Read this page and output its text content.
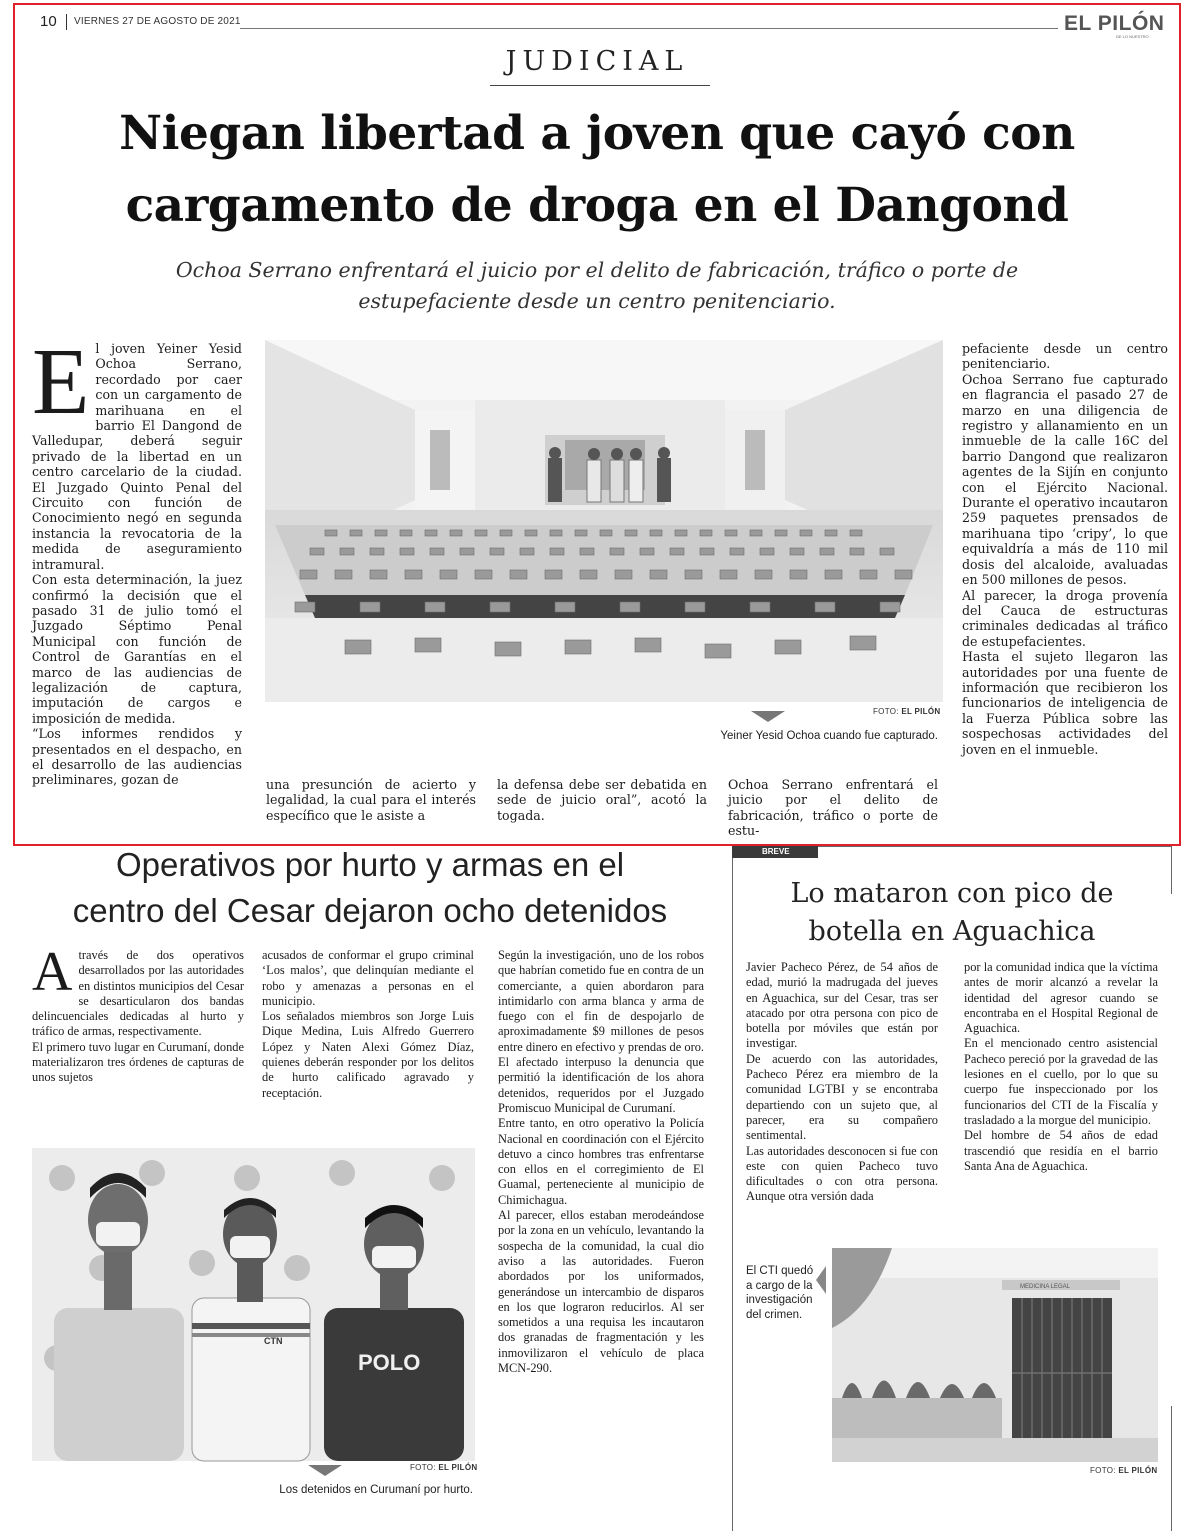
10 VIERNES 27 DE AGOSTO DE 2021	EL PILÓN
DE LO NUESTRO
JUDICIAL
Niegan libertad a joven que cayó con
cargamento de droga en el Dangond
Ochoa Serrano enfrentará el juicio por el delito de fabricación, tráfico o porte de
estupefaciente desde un centro penitenciario.
E l joven Yeiner Yesid Ochoa Serrano, recordado por caer con un cargamento de marihuana en el barrio El Dangond de Valledupar, deberá seguir privado de la libertad en un centro carcelario de la ciudad. El Juzgado Quinto Penal del Circuito con función de Conocimiento negó en segunda instancia la revocatoria de la medida de aseguramiento intramural.

Con esta determinación, la juez confirmó la decisión que el pasado 31 de julio tomó el Juzgado Séptimo Penal Municipal con función de Control de Garantías en el marco de las audiencias de legalización de captura, imputación de cargos e imposición de medida.

“Los informes rendidos y presentados en el despacho, en el desarrollo de las audiencias preliminares, gozan de

FOTO: EL PILÓN
Yeiner Yesid Ochoa cuando fue capturado.

una presunción de acierto y legalidad, la cual para el interés específico que le asiste a

la defensa debe ser debatida en sede de juicio oral”, acotó la togada.

Ochoa Serrano enfrentará el juicio por el delito de fabricación, tráfico o porte de estu-

pefaciente desde un centro penitenciario.

Ochoa Serrano fue capturado en flagrancia el pasado 27 de marzo en una diligencia de registro y allanamiento en un inmueble de la calle 16C del barrio Dangond que realizaron agentes de la Sijín en conjunto con el Ejército Nacional. Durante el operativo incautaron 259 paquetes prensados de marihuana tipo ‘cripy’, lo que equivaldría a más de 110 mil dosis del alcaloide, avaluadas en 500 millones de pesos.

Al parecer, la droga provenía del Cauca de estructuras criminales dedicadas al tráfico de estupefacientes.

Hasta el sujeto llegaron las autoridades por una fuente de información que recibieron los funcionarios de inteligencia de la Fuerza Pública sobre las sospechosas actividades del joven en el inmueble.

Operativos por hurto y armas en el
centro del Cesar dejaron ocho detenidos
A través de dos operativos desarrollados por las autoridades en distintos municipios del Cesar se desarticularon dos bandas delincuenciales dedicadas al hurto y tráfico de armas, respectivamente.

El primero tuvo lugar en Curumaní, donde materializaron tres órdenes de capturas de unos sujetos

acusados de conformar el grupo criminal ‘Los malos’, que delinquían mediante el robo y amenazas a personas en el municipio.

Los señalados miembros son Jorge Luis Dique Medina, Luis Alfredo Guerrero López y Naten Alexi Gómez Díaz, quienes deberán responder por los delitos de hurto calificado agravado y receptación.

Según la investigación, uno de los robos que habrían cometido fue en contra de un comerciante, a quien abordaron para intimidarlo con arma blanca y arma de fuego con el fin de despojarlo de aproximadamente $9 millones de pesos entre dinero en efectivo y prendas de oro. El afectado interpuso la denuncia que permitió la identificación de los ahora detenidos, requeridos por el Juzgado Promiscuo Municipal de Curumaní.

Entre tanto, en otro operativo la Policía Nacional en coordinación con el Ejército detuvo a cinco hombres tras enfrentarse con ellos en el corregimiento de El Guamal, perteneciente al municipio de Chimichagua.

Al parecer, ellos estaban merodeándose por la zona en un vehículo, levantando la sospecha de la comunidad, la cual dio aviso a las autoridades. Fueron abordados por los uniformados, generándose un intercambio de disparos en los que lograron reducirlos. Al ser sometidos a una requisa les incautaron dos granadas de fragmentación y les inmovilizaron el vehículo de placa MCN-290.

CTN
POLO
FOTO: EL PILÓN
Los detenidos en Curumaní por hurto.
BREVE
Lo mataron con pico de
botella en Aguachica

Javier Pacheco Pérez, de 54 años de edad, murió la madrugada del jueves en Aguachica, sur del Cesar, tras ser atacado por otra persona con pico de botella por móviles que están por investigar.

De acuerdo con las autoridades, Pacheco Pérez era miembro de la comunidad LGTBI y se encontraba departiendo con un sujeto que, al parecer, era su compañero sentimental.

Las autoridades desconocen si fue con este con quien Pacheco tuvo dificultades o con otra persona. Aunque otra versión dada

por la comunidad indica que la víctima antes de morir alcanzó a revelar la identidad del agresor cuando se encontraba en el Hospital Regional de Aguachica.

En el mencionado centro asistencial Pacheco pereció por la gravedad de las lesiones en el cuello, por lo que su cuerpo fue inspeccionado por los funcionarios del CTI de la Fiscalía y trasladado a la morgue del municipio.

Del hombre de 54 años de edad trascendió que residía en el barrio Santa Ana de Aguachica.

El CTI quedó a cargo de la investigación del crimen.
MEDICINA LEGAL
FOTO: EL PILÓN
